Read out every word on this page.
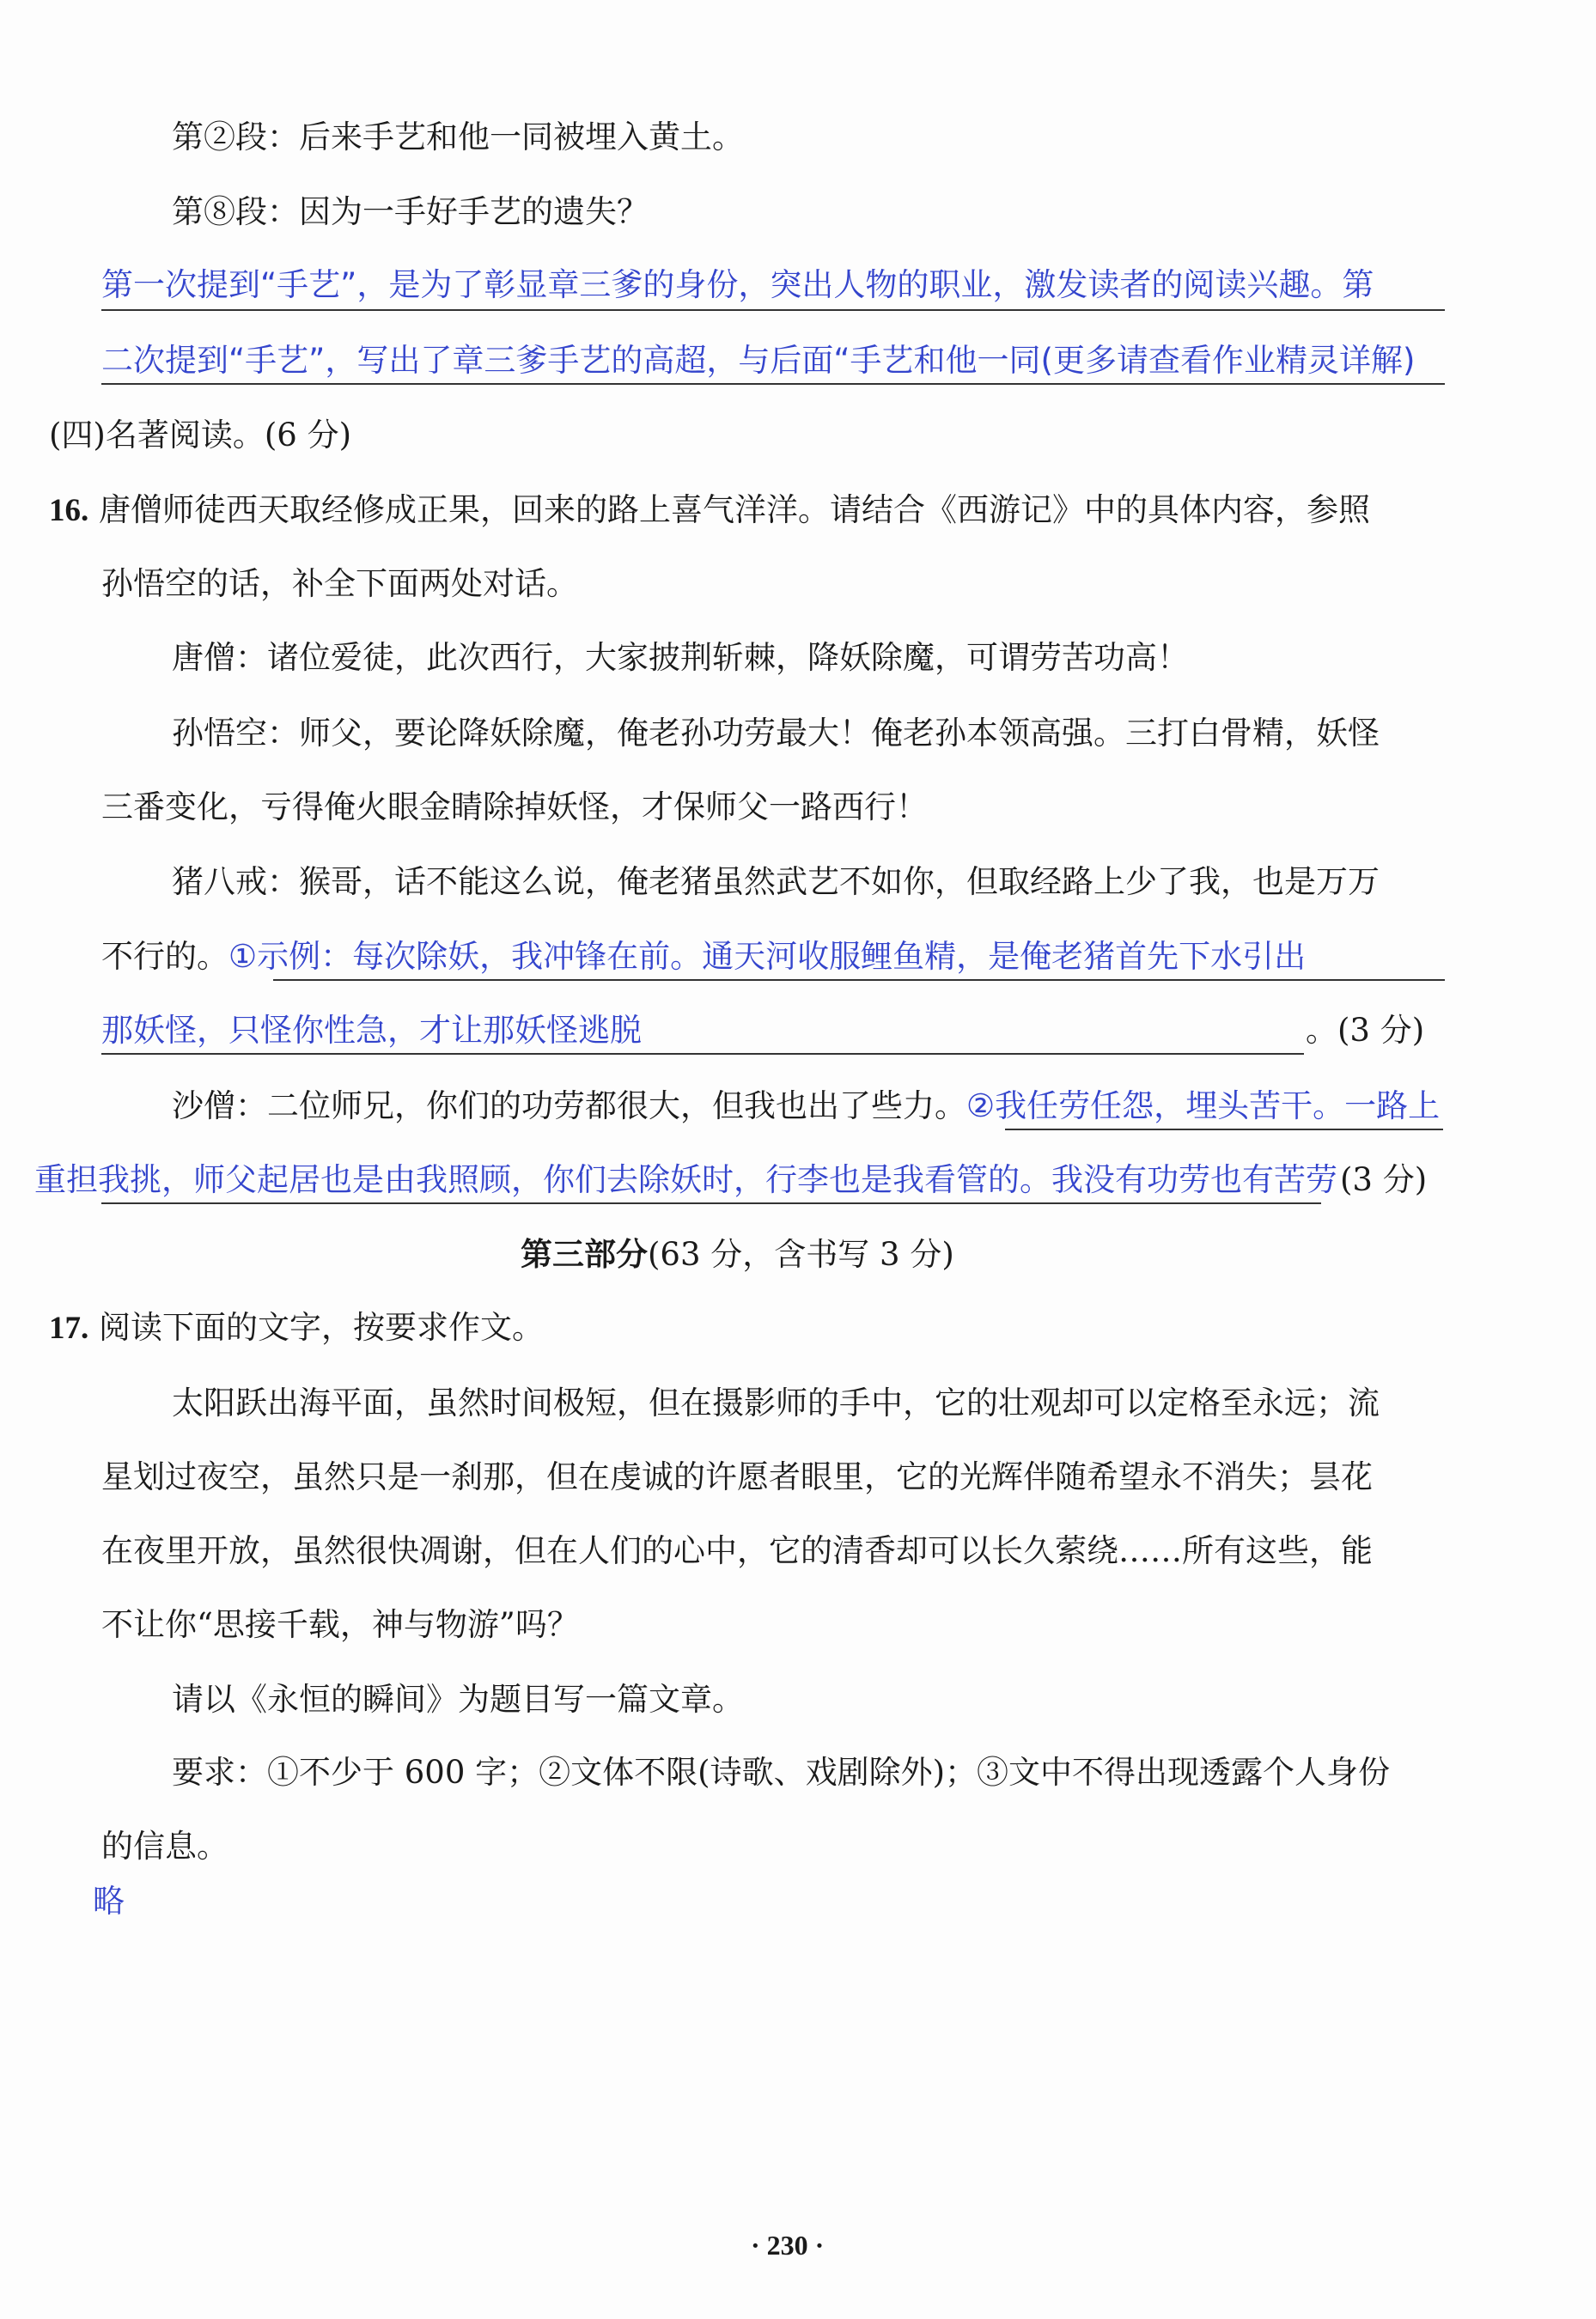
第②段：后来手艺和他一同被埋入黄土。
第⑧段：因为一手好手艺的遗失？
第一次提到“手艺”，是为了彰显章三爹的身份，突出人物的职业，激发读者的阅读兴趣。第
二次提到“手艺”，写出了章三爹手艺的高超，与后面“手艺和他一同(更多请查看作业精灵详解)
(四)名著阅读。(6 分)
16. 唐僧师徒西天取经修成正果，回来的路上喜气洋洋。请结合《西游记》中的具体内容，参照
孙悟空的话，补全下面两处对话。
唐僧：诸位爱徒，此次西行，大家披荆斩棘，降妖除魔，可谓劳苦功高！
孙悟空：师父，要论降妖除魔，俺老孙功劳最大！俺老孙本领高强。三打白骨精，妖怪
三番变化，亏得俺火眼金睛除掉妖怪，才保师父一路西行！
猪八戒：猴哥，话不能这么说，俺老猪虽然武艺不如你，但取经路上少了我，也是万万
不行的。①示例：每次除妖，我冲锋在前。通天河收服鲤鱼精，是俺老猪首先下水引出
那妖怪，只怪你性急，才让那妖怪逃脱	。(3 分)
沙僧：二位师兄，你们的功劳都很大，但我也出了些力。②我任劳任怨，埋头苦干。一路上
重担我挑，师父起居也是由我照顾，你们去除妖时，行李也是我看管的。我没有功劳也有苦劳 (3 分)
第三部分(63 分，含书写 3 分)
17. 阅读下面的文字，按要求作文。
太阳跃出海平面，虽然时间极短，但在摄影师的手中，它的壮观却可以定格至永远；流
星划过夜空，虽然只是一刹那，但在虔诚的许愿者眼里，它的光辉伴随希望永不消失；昙花
在夜里开放，虽然很快凋谢，但在人们的心中，它的清香却可以长久萦绕……所有这些，能
不让你“思接千载，神与物游”吗？
请以《永恒的瞬间》为题目写一篇文章。
要求：①不少于 600 字；②文体不限(诗歌、戏剧除外)；③文中不得出现透露个人身份
的信息。
略
· 230 ·
